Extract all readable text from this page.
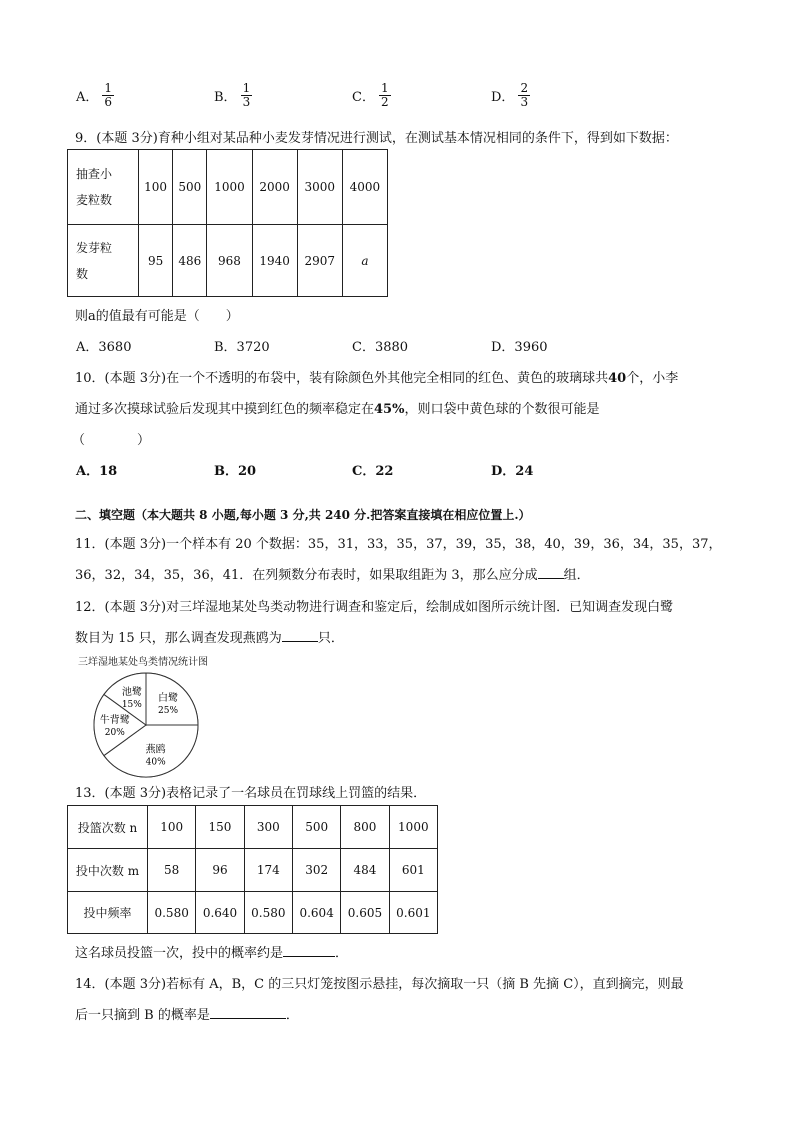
A． $\frac{1}{6}$	B． $\frac{1}{3}$	C． $\frac{1}{2}$	D． $\frac{2}{3}$
9．(本题 3分)育种小组对某品种小麦发芽情况进行测试，在测试基本情况相同的条件下，得到如下数据：
抽查小
麦粒数	100	500	1000	2000	3000	4000
发芽粒
数	95	486	968	1940	2907	a
则a的值最有可能是（　　）
A．3680	B．3720	C．3880	D．3960
10．(本题 3分)在一个不透明的布袋中，装有除颜色外其他完全相同的红色、黄色的玻璃球共40个，小李
通过多次摸球试验后发现其中摸到红色的频率稳定在45%，则口袋中黄色球的个数很可能是
（　　　　）
A．18	B．20	C．22	D．24
二、填空题（本大题共 8 小题,每小题 3 分,共 240 分.把答案直接填在相应位置上.）
11．(本题 3分)一个样本有 20 个数据：35，31，33，35，37，39，35，38，40，39，36，34，35，37，
36，32，34，35，36，41．在列频数分布表时，如果取组距为 3，那么应分成 组．
12．(本题 3分)对三垟湿地某处鸟类动物进行调查和鉴定后，绘制成如图所示统计图．已知调查发现白鹭
数目为 15 只，那么调查发现燕鸥为	只．
三垟湿地某处鸟类情况统计图
白鹭
25%
燕鸥
40%
牛背鹭
20%
池鹭
15%
13．(本题 3分)表格记录了一名球员在罚球线上罚篮的结果．
投篮次数 n	100	150	300	500	800	1000
投中次数 m	58	96	174	302	484	601
投中频率	0.580	0.640	0.580	0.604	0.605	0.601
这名球员投篮一次，投中的概率约是	．
14．(本题 3分)若标有 A，B，C 的三只灯笼按图示悬挂，每次摘取一只（摘 B 先摘 C），直到摘完，则最
后一只摘到 B 的概率是	．
